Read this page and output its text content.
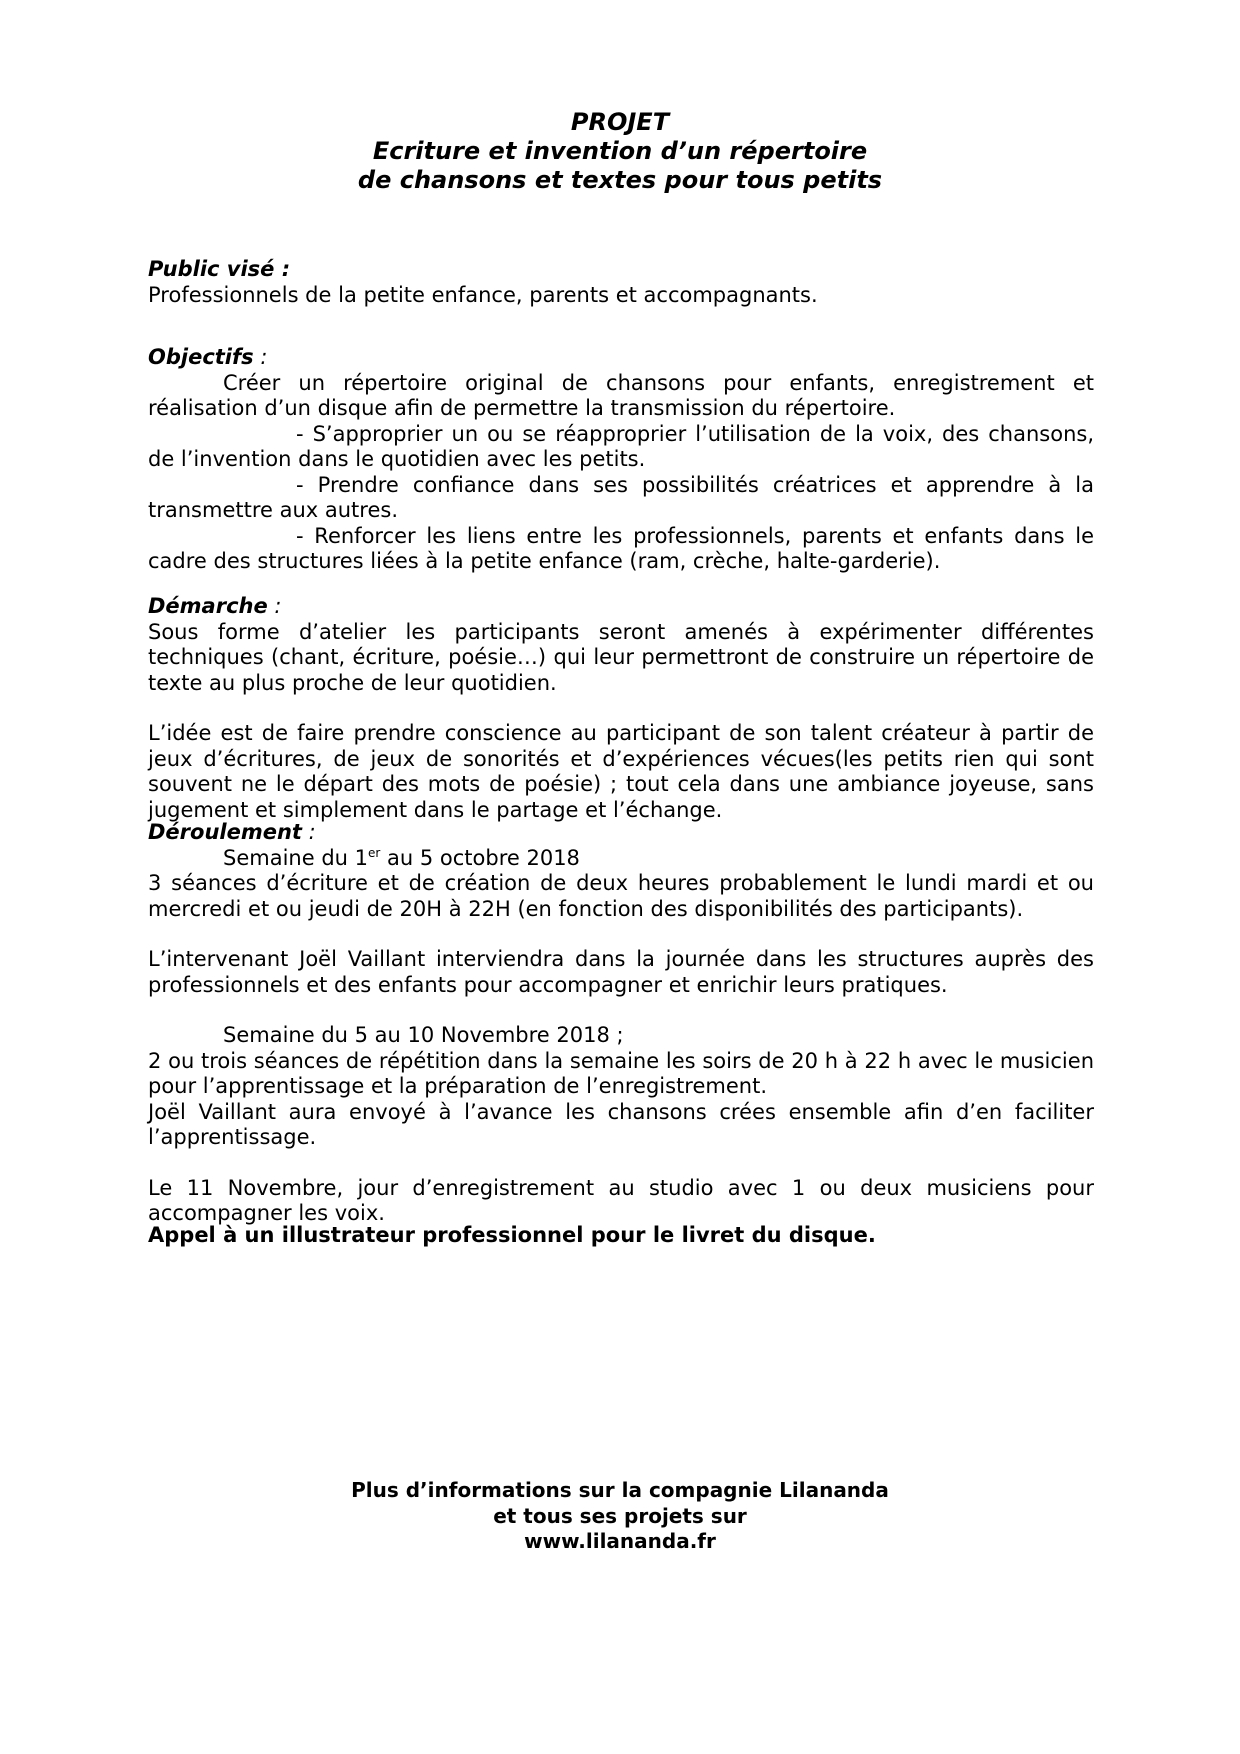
PROJET
Ecriture et invention d’un répertoire
de chansons et textes pour tous petits
Public visé :
Professionnels de la petite enfance, parents et accompagnants.
Objectifs :
Créer un répertoire original de chansons pour enfants, enregistrement et réalisation d’un disque afin de permettre la transmission du répertoire.
- S’approprier un ou se réapproprier l’utilisation de la voix, des chansons, de l’invention dans le quotidien avec les petits.
- Prendre confiance dans ses possibilités créatrices et apprendre à la transmettre aux autres.
- Renforcer les liens entre les professionnels, parents et enfants dans le cadre des structures liées à la petite enfance (ram, crèche, halte-garderie).
Démarche :
Sous forme d’atelier les participants seront amenés à expérimenter différentes techniques (chant, écriture, poésie…) qui leur permettront de construire un répertoire de texte au plus proche de leur quotidien.
L’idée est de faire prendre conscience au participant de son talent créateur à partir de jeux d’écritures, de jeux de sonorités et d’expériences vécues(les petits rien qui sont souvent ne le départ des mots de poésie) ; tout cela dans une ambiance joyeuse, sans jugement et simplement dans le partage et l’échange.
Déroulement :
Semaine du 1er au 5 octobre 2018
3 séances d’écriture et de création de deux heures probablement le lundi mardi et ou mercredi et ou jeudi de 20H à 22H (en fonction des disponibilités des participants).
L’intervenant Joël Vaillant interviendra dans la journée dans les structures auprès des professionnels et des enfants pour accompagner et enrichir leurs pratiques.
Semaine du 5 au 10 Novembre 2018 ;
2 ou trois séances de répétition dans la semaine les soirs de 20 h à 22 h avec le musicien pour l’apprentissage et la préparation de l’enregistrement.
Joël Vaillant aura envoyé à l’avance les chansons crées ensemble afin d’en faciliter l’apprentissage.
Le 11 Novembre, jour d’enregistrement au studio avec 1 ou deux musiciens pour accompagner les voix.
Appel à un illustrateur professionnel pour le livret du disque.
Plus d’informations sur la compagnie Lilananda
et tous ses projets sur
www.lilananda.fr
